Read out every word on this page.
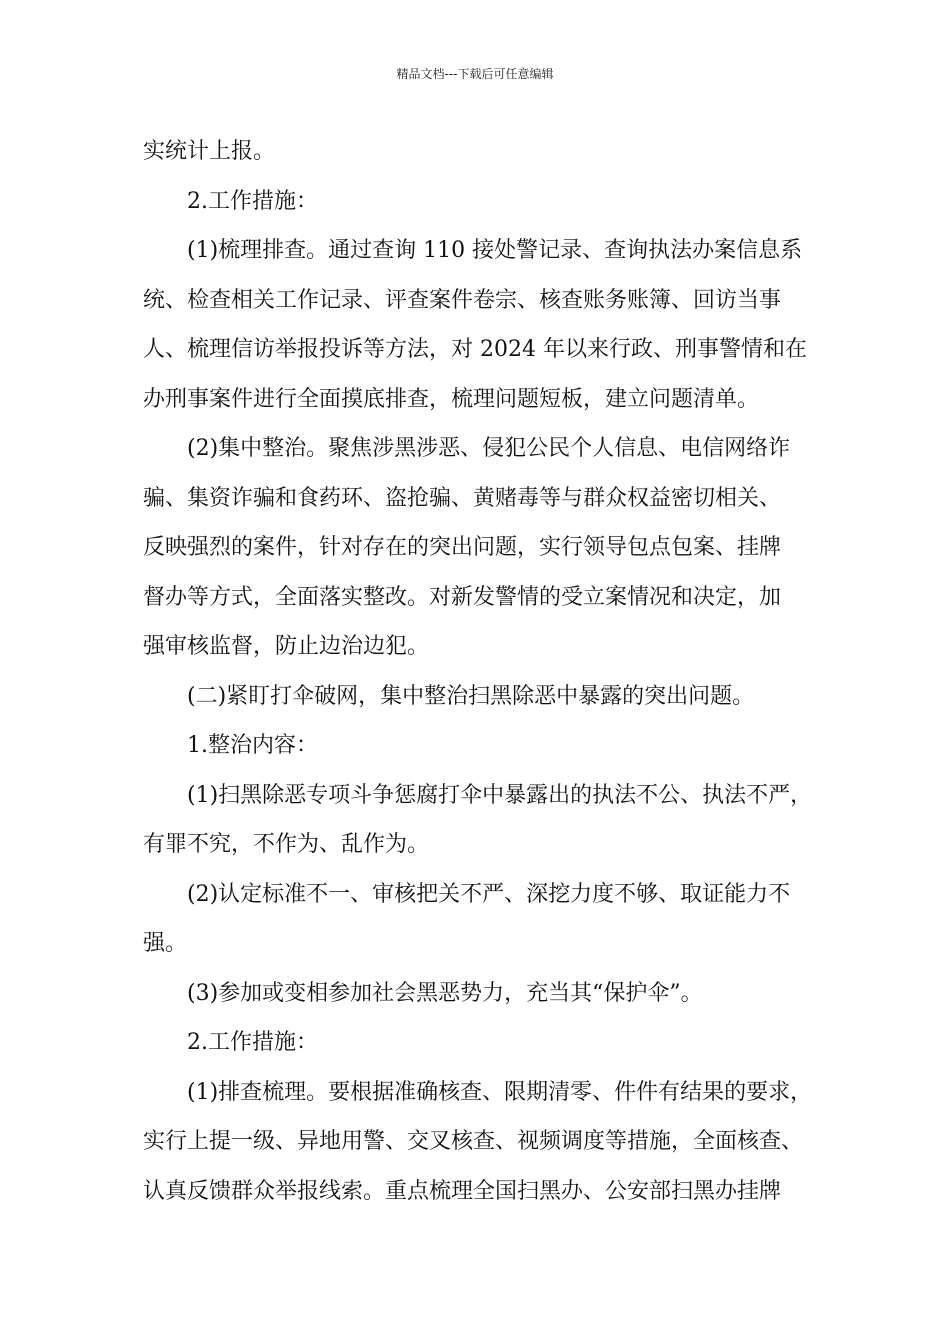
精品文档---下载后可任意编辑
实统计上报。
2.工作措施：
(1)梳理排查。通过查询 110 接处警记录、查询执法办案信息系
统、检查相关工作记录、评查案件卷宗、核查账务账簿、回访当事
人、梳理信访举报投诉等方法，对 2024 年以来行政、刑事警情和在
办刑事案件进行全面摸底排查，梳理问题短板，建立问题清单。
(2)集中整治。聚焦涉黑涉恶、侵犯公民个人信息、电信网络诈
骗、集资诈骗和食药环、盗抢骗、黄赌毒等与群众权益密切相关、
反映强烈的案件，针对存在的突出问题，实行领导包点包案、挂牌
督办等方式，全面落实整改。对新发警情的受立案情况和决定，加
强审核监督，防止边治边犯。
(二)紧盯打伞破网，集中整治扫黑除恶中暴露的突出问题。
1.整治内容：
(1)扫黑除恶专项斗争惩腐打伞中暴露出的执法不公、执法不严，
有罪不究，不作为、乱作为。
(2)认定标准不一、审核把关不严、深挖力度不够、取证能力不
强。
(3)参加或变相参加社会黑恶势力，充当其“保护伞”。
2.工作措施：
(1)排查梳理。要根据准确核查、限期清零、件件有结果的要求，
实行上提一级、异地用警、交叉核查、视频调度等措施，全面核查、
认真反馈群众举报线索。重点梳理全国扫黑办、公安部扫黑办挂牌
